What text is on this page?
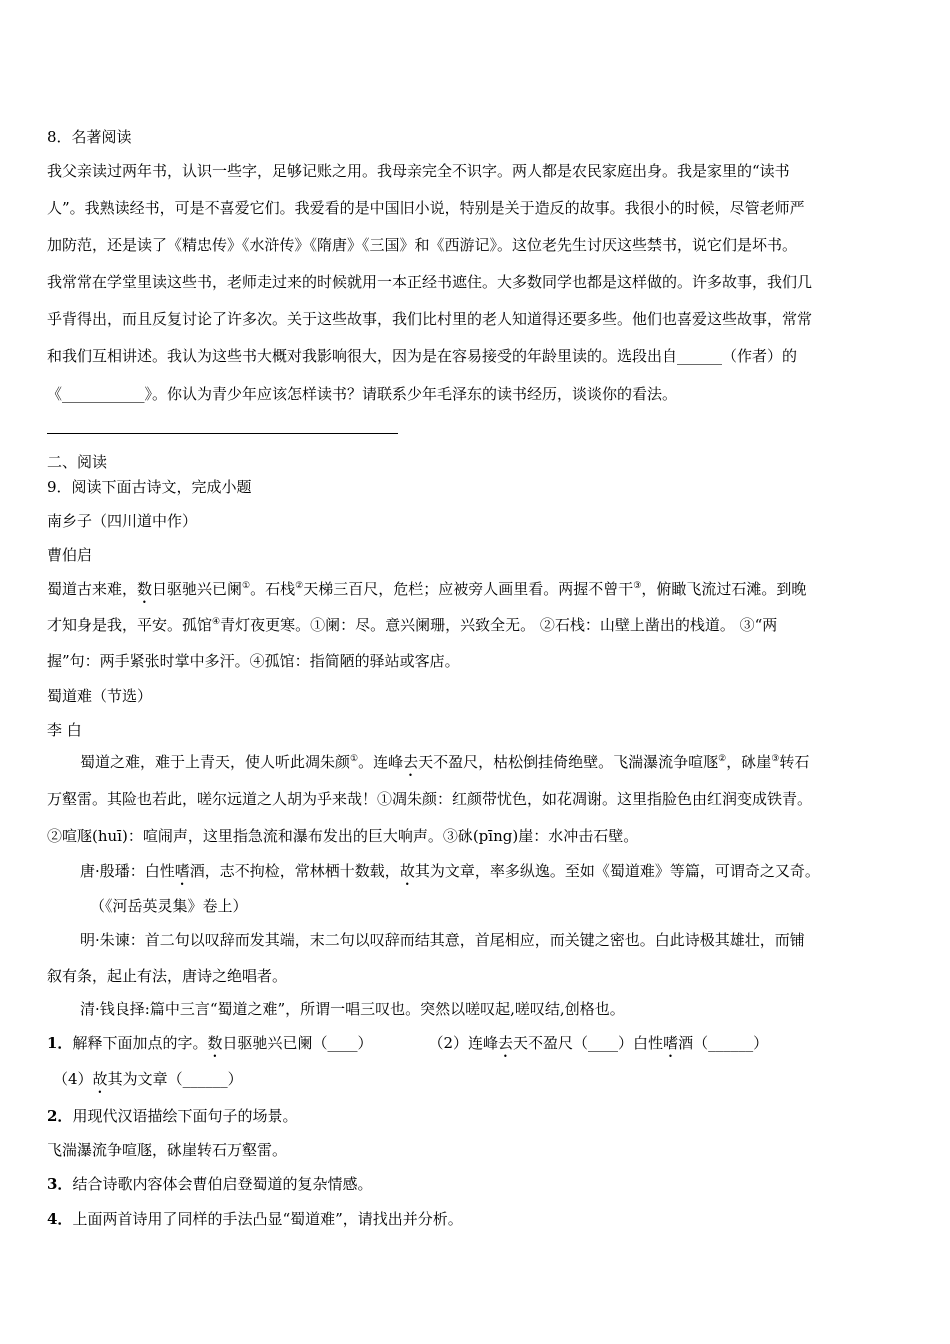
8．名著阅读
我父亲读过两年书，认识一些字，足够记账之用。我母亲完全不识字。两人都是农民家庭出身。我是家里的“读书
人”。我熟读经书，可是不喜爱它们。我爱看的是中国旧小说，特别是关于造反的故事。我很小的时候，尽管老师严
加防范，还是读了《精忠传》《水浒传》《隋唐》《三国》和《西游记》。这位老先生讨厌这些禁书，说它们是坏书。
我常常在学堂里读这些书，老师走过来的时候就用一本正经书遮住。大多数同学也都是这样做的。许多故事，我们几
乎背得出，而且反复讨论了许多次。关于这些故事，我们比村里的老人知道得还要多些。他们也喜爱这些故事，常常
和我们互相讲述。我认为这些书大概对我影响很大，因为是在容易接受的年龄里读的。选段出自______（作者）的
《___________》。你认为青少年应该怎样读书？请联系少年毛泽东的读书经历，谈谈你的看法。
二、阅读
9．阅读下面古诗文，完成小题
南乡子（四川道中作）
曹伯启
蜀道古来难，数日驱驰兴已阑①。石栈②天梯三百尺，危栏；应被旁人画里看。两握不曾干③，俯瞰飞流过石滩。到晚
才知身是我，平安。孤馆④青灯夜更寒。①阑：尽。意兴阑珊，兴致全无。 ②石栈：山壁上凿出的栈道。 ③“两
握”句：两手紧张时掌中多汗。④孤馆：指简陋的驿站或客店。
蜀道难（节选）
李 白
蜀道之难，难于上青天，使人听此凋朱颜①。连峰去天不盈尺，枯松倒挂倚绝壁。飞湍瀑流争喧豗②，砯崖③转石
万壑雷。其险也若此，嗟尔远道之人胡为乎来哉！①凋朱颜：红颜带忧色，如花凋谢。这里指脸色由红润变成铁青。
②喧豗(huī)：喧闹声，这里指急流和瀑布发出的巨大响声。③砯(pīng)崖：水冲击石壁。
唐·殷璠：白性嗜酒，志不拘检，常林栖十数载，故其为文章，率多纵逸。至如《蜀道难》等篇，可谓奇之又奇。
（《河岳英灵集》卷上）
明·朱谏：首二句以叹辞而发其端，末二句以叹辞而结其意，首尾相应，而关键之密也。白此诗极其雄壮，而铺
叙有条，起止有法，唐诗之绝唱者。
清·钱良择:篇中三言“蜀道之难”，所谓一唱三叹也。突然以嗟叹起,嗟叹结,创格也。
1．解释下面加点的字。数日驱驰兴已阑（____）	（2）连峰去天不盈尺（____）白性嗜酒（______）
（4）故其为文章（______）
2．用现代汉语描绘下面句子的场景。
飞湍瀑流争喧豗，砯崖转石万壑雷。
3．结合诗歌内容体会曹伯启登蜀道的复杂情感。
4．上面两首诗用了同样的手法凸显“蜀道难”，请找出并分析。
